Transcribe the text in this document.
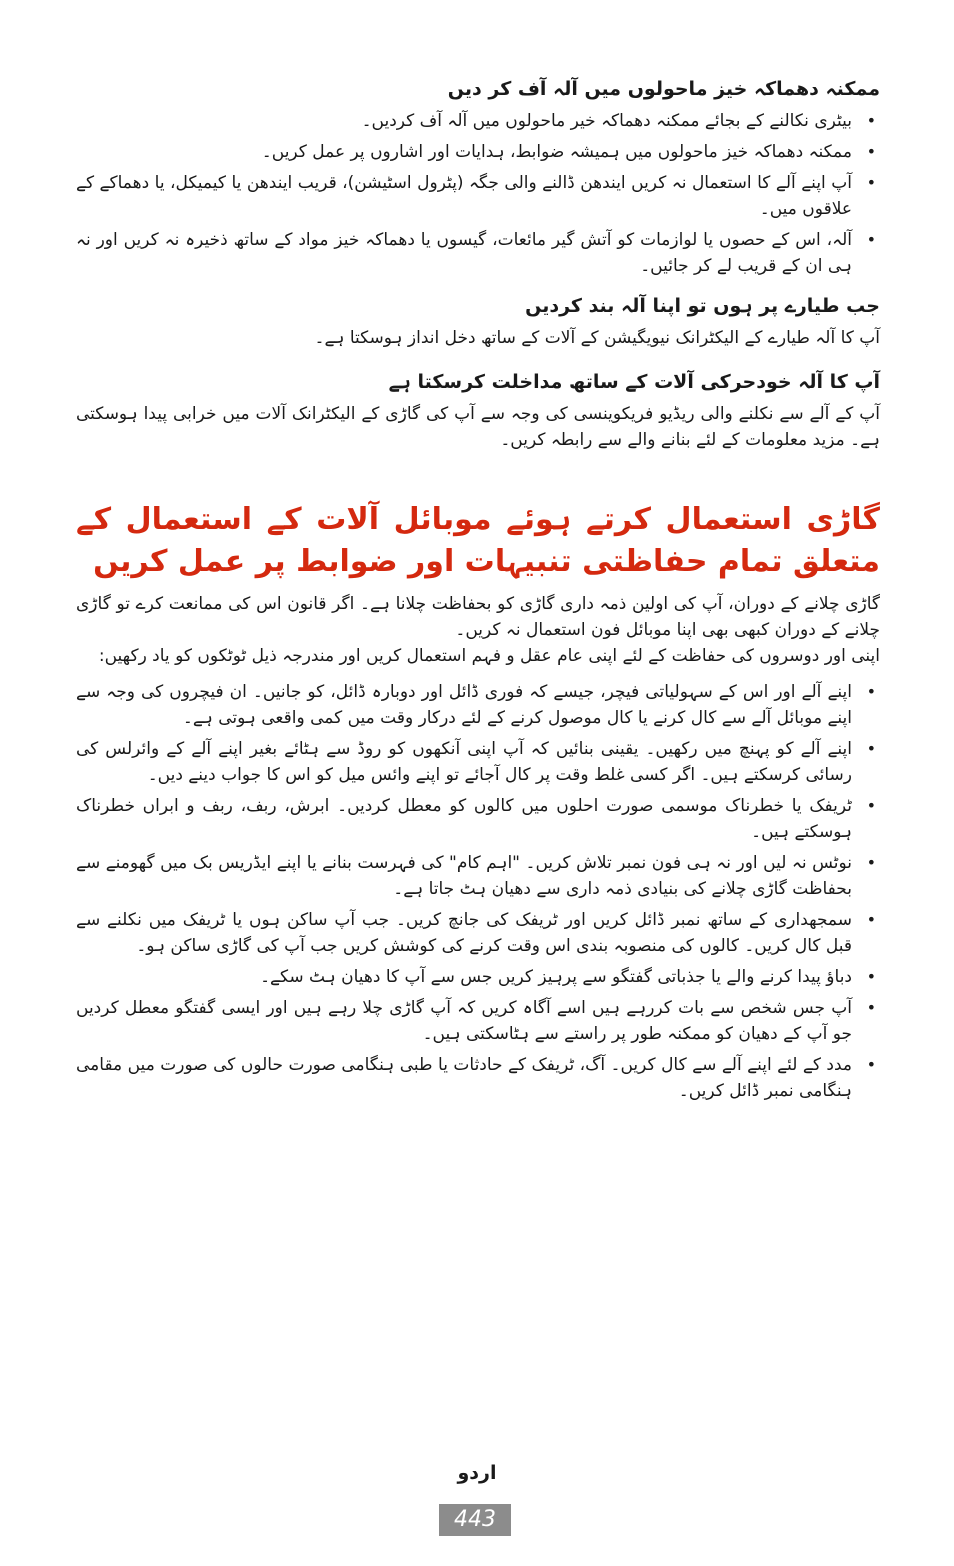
ممکنہ دھماکہ خیز ماحولوں میں آلہ آف کر دیں
• بیٹری نکالنے کے بجائے ممکنہ دھماکہ خیر ماحولوں میں آلہ آف کردیں۔
• ممکنہ دھماکہ خیز ماحولوں میں ہمیشہ ضوابط، ہدایات اور اشاروں پر عمل کریں۔
• آپ اپنے آلے کا استعمال نہ کریں ایندھن ڈالنے والی جگہ (پٹرول اسٹیشن)، قریب ایندھن یا کیمیکل، یا دھماکے کے علاقوں میں۔
• آلہ، اس کے حصوں یا لوازمات کو آتش گیر مائعات، گیسوں یا دھماکہ خیز مواد کے ساتھ ذخیرہ نہ کریں اور نہ ہی ان کے قریب لے کر جائیں۔
جب طیارے پر ہوں تو اپنا آلہ بند کردیں

آپ کا آلہ طیارے کے الیکٹرانک نیویگیشن کے آلات کے ساتھ دخل انداز ہوسکتا ہے۔

آپ کا آلہ خودحرکی آلات کے ساتھ مداخلت کرسکتا ہے

آپ کے آلے سے نکلنے والی ریڈیو فریکوینسی کی وجہ سے آپ کی گاڑی کے الیکٹرانک آلات میں خرابی پیدا ہوسکتی ہے۔ مزید معلومات کے لئے بنانے والے سے رابطہ کریں۔

گاڑی استعمال کرتے ہوئے موبائل آلات کے استعمال کے متعلق تمام حفاظتی تنبیہات اور ضوابط پر عمل کریں

گاڑی چلانے کے دوران، آپ کی اولین ذمہ داری گاڑی کو بحفاظت چلانا ہے۔ اگر قانون اس کی ممانعت کرے تو گاڑی چلانے کے دوران کبھی بھی اپنا موبائل فون استعمال نہ کریں۔

اپنی اور دوسروں کی حفاظت کے لئے اپنی عام عقل و فہم استعمال کریں اور مندرجہ ذیل ٹوٹکوں کو یاد رکھیں:

• اپنے آلے اور اس کے سہولیاتی فیچر، جیسے کہ فوری ڈائل اور دوبارہ ڈائل، کو جانیں۔ ان فیچروں کی وجہ سے اپنے موبائل آلے سے کال کرنے یا کال موصول کرنے کے لئے درکار وقت میں کمی واقعی ہوتی ہے۔
• اپنے آلے کو پہنچ میں رکھیں۔ یقینی بنائیں کہ آپ اپنی آنکھوں کو روڈ سے ہٹائے بغیر اپنے آلے کے وائرلس کی رسائی کرسکتے ہیں۔ اگر کسی غلط وقت پر کال آجائے تو اپنے وائس میل کو اس کا جواب دینے دیں۔
• ٹریفک یا خطرناک موسمی صورت احلوں میں کالوں کو معطل کردیں۔ ابرش، ربف، ربف و ابراں خطرناک ہوسکتے ہیں۔
• نوٹس نہ لیں اور نہ ہی فون نمبر تلاش کریں۔ "اہم کام" کی فہرست بنانے یا اپنے ایڈریس بک میں گھومنے سے بحفاظت گاڑی چلانے کی بنیادی ذمہ داری سے دھیان ہٹ جاتا ہے۔
• سمجھداری کے ساتھ نمبر ڈائل کریں اور ٹریفک کی جانچ کریں۔ جب آپ ساکن ہوں یا ٹریفک میں نکلنے سے قبل کال کریں۔ کالوں کی منصوبہ بندی اس وقت کرنے کی کوشش کریں جب آپ کی گاڑی ساکن ہو۔
• دباؤ پیدا کرنے والے یا جذباتی گفتگو سے پرہیز کریں جس سے آپ کا دھیان ہٹ سکے۔
• آپ جس شخص سے بات کررہے ہیں اسے آگاہ کریں کہ آپ گاڑی چلا رہے ہیں اور ایسی گفتگو معطل کردیں جو آپ کے دھیان کو ممکنہ طور پر راستے سے ہٹاسکتی ہیں۔
• مدد کے لئے اپنے آلے سے کال کریں۔ آگ، ٹریفک کے حادثات یا طبی ہنگامی صورت حالوں کی صورت میں مقامی ہنگامی نمبر ڈائل کریں۔
اردو
443
